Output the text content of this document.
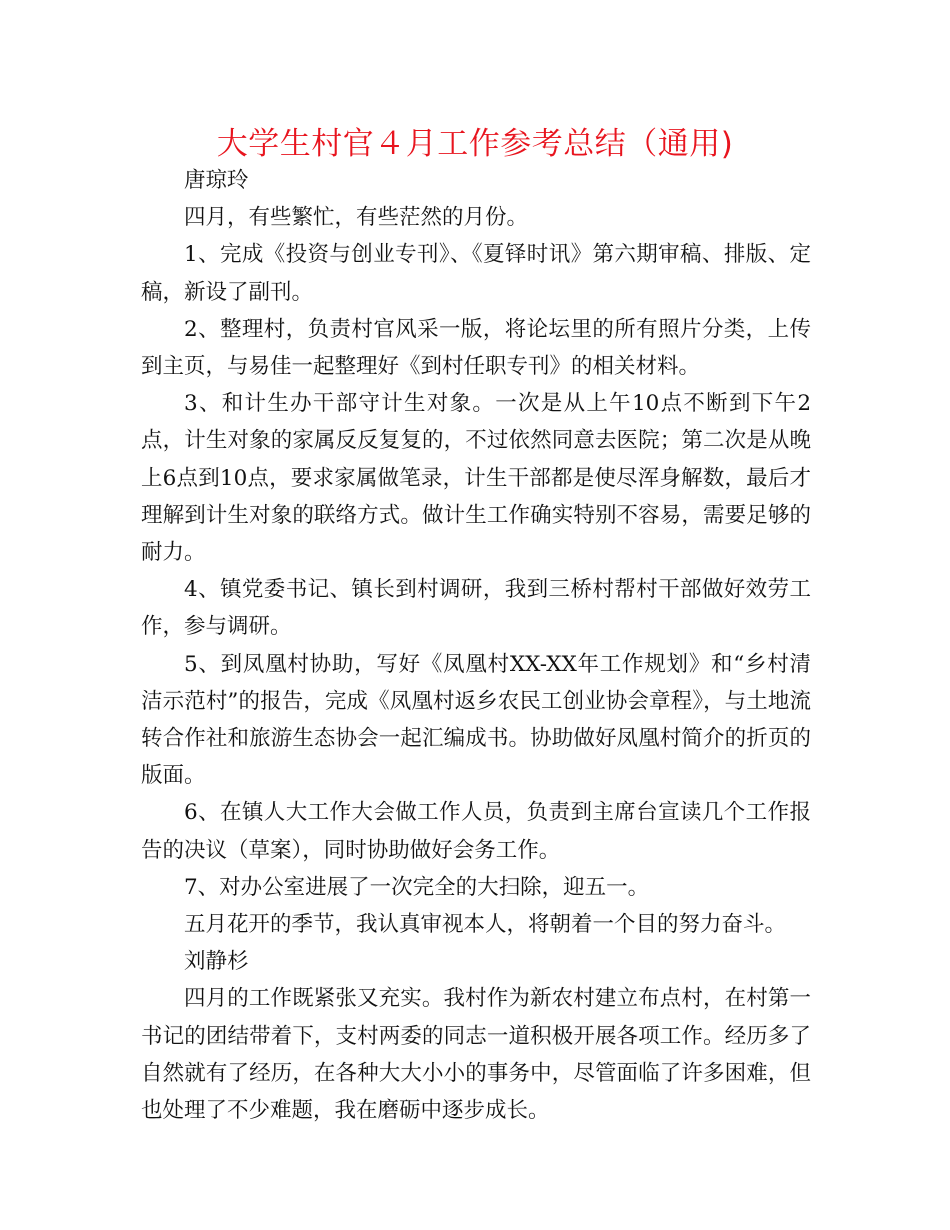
大学生村官４月工作参考总结（通用)

唐琼玲

四月，有些繁忙，有些茫然的月份。

1、完成《投资与创业专刊》、《夏铎时讯》第六期审稿、排版、定稿，新设了副刊。

2、整理村，负责村官风采一版，将论坛里的所有照片分类，上传到主页，与易佳一起整理好《到村任职专刊》的相关材料。

3、和计生办干部守计生对象。一次是从上午10点不断到下午2点，计生对象的家属反反复复的，不过依然同意去医院；第二次是从晚上6点到10点，要求家属做笔录，计生干部都是使尽浑身解数，最后才理解到计生对象的联络方式。做计生工作确实特别不容易，需要足够的耐力。

4、镇党委书记、镇长到村调研，我到三桥村帮村干部做好效劳工作，参与调研。

5、到凤凰村协助，写好《凤凰村XX-XX年工作规划》和“乡村清洁示范村”的报告，完成《凤凰村返乡农民工创业协会章程》，与土地流转合作社和旅游生态协会一起汇编成书。协助做好凤凰村简介的折页的版面。

6、在镇人大工作大会做工作人员，负责到主席台宣读几个工作报告的决议（草案），同时协助做好会务工作。

7、对办公室进展了一次完全的大扫除，迎五一。

五月花开的季节，我认真审视本人，将朝着一个目的努力奋斗。

刘静杉

四月的工作既紧张又充实。我村作为新农村建立布点村，在村第一书记的团结带着下，支村两委的同志一道积极开展各项工作。经历多了自然就有了经历，在各种大大小小的事务中，尽管面临了许多困难，但也处理了不少难题，我在磨砺中逐步成长。
